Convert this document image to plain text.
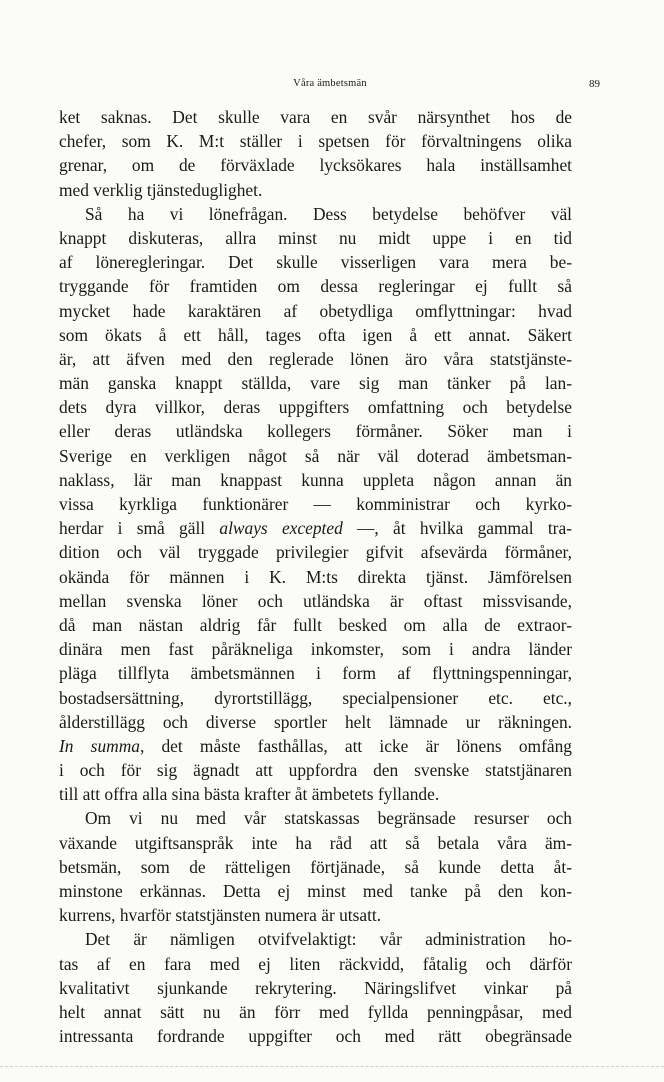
Våra ämbetsmän	89
ket saknas. Det skulle vara en svår närsynthet hos de
chefer, som K. M:t ställer i spetsen för förvaltningens olika
grenar, om de förväxlade lycksökares hala inställsamhet
med verklig tjänsteduglighet.
Så ha vi lönefrågan. Dess betydelse behöfver väl
knappt diskuteras, allra minst nu midt uppe i en tid
af löneregleringar. Det skulle visserligen vara mera be-
tryggande för framtiden om dessa regleringar ej fullt så
mycket hade karaktären af obetydliga omflyttningar: hvad
som ökats å ett håll, tages ofta igen å ett annat. Säkert
är, att äfven med den reglerade lönen äro våra statstjänste-
män ganska knappt ställda, vare sig man tänker på lan-
dets dyra villkor, deras uppgifters omfattning och betydelse
eller deras utländska kollegers förmåner. Söker man i
Sverige en verkligen något så när väl doterad ämbetsman-
naklass, lär man knappast kunna uppleta någon annan än
vissa kyrkliga funktionärer — komministrar och kyrko-
herdar i små gäll always excepted —, åt hvilka gammal tra-
dition och väl tryggade privilegier gifvit afsevärda förmåner,
okända för männen i K. M:ts direkta tjänst. Jämförelsen
mellan svenska löner och utländska är oftast missvisande,
då man nästan aldrig får fullt besked om alla de extraor-
dinära men fast påräkneliga inkomster, som i andra länder
pläga tillflyta ämbetsmännen i form af flyttningspenningar,
bostadsersättning, dyrortstillägg, specialpensioner etc. etc.,
ålderstillägg och diverse sportler helt lämnade ur räkningen.
In summa, det måste fasthållas, att icke är lönens omfång
i och för sig ägnadt att uppfordra den svenske statstjänaren
till att offra alla sina bästa krafter åt ämbetets fyllande.
Om vi nu med vår statskassas begränsade resurser och
växande utgiftsanspråk inte ha råd att så betala våra äm-
betsmän, som de rätteligen förtjänade, så kunde detta åt-
minstone erkännas. Detta ej minst med tanke på den kon-
kurrens, hvarför statstjänsten numera är utsatt.
Det är nämligen otvifvelaktigt: vår administration ho-
tas af en fara med ej liten räckvidd, fåtalig och därför
kvalitativt sjunkande rekrytering. Näringslifvet vinkar på
helt annat sätt nu än förr med fyllda penningpåsar, med
intressanta fordrande uppgifter och med rätt obegränsade
